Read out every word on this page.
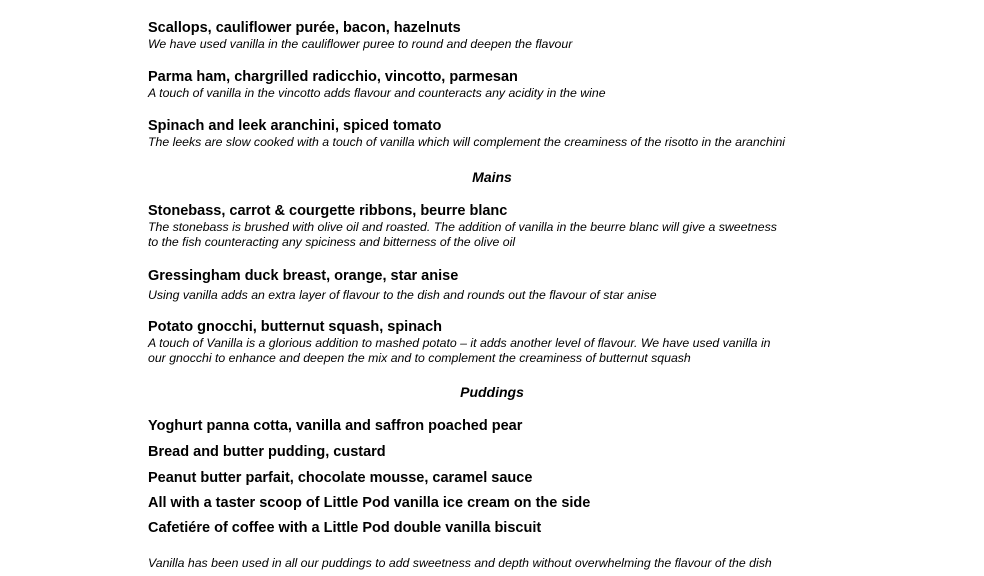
Scallops, cauliflower purée, bacon, hazelnuts
We have used vanilla in the cauliflower puree to round and deepen the flavour
Parma ham, chargrilled radicchio, vincotto, parmesan
A touch of vanilla in the vincotto adds flavour and counteracts any acidity in the wine
Spinach and leek aranchini, spiced tomato
The leeks are slow cooked with a touch of vanilla which will complement the creaminess of the risotto in the aranchini
Mains
Stonebass, carrot & courgette ribbons, beurre blanc
The stonebass is brushed with olive oil and roasted. The addition of vanilla in the beurre blanc will give a sweetness
to the fish counteracting any spiciness and bitterness of the olive oil
Gressingham duck breast, orange, star anise
Using vanilla adds an extra layer of flavour to the dish and rounds out the flavour of star anise
Potato gnocchi, butternut squash, spinach
A touch of Vanilla is a glorious addition to mashed potato – it adds another level of flavour. We have used vanilla in
our gnocchi to enhance and deepen the mix and to complement the creaminess of butternut squash
Puddings
Yoghurt panna cotta, vanilla and saffron poached pear
Bread and butter pudding, custard
Peanut butter parfait, chocolate mousse, caramel sauce
All with a taster scoop of Little Pod vanilla ice cream on the side
Cafetiére of coffee with a Little Pod double vanilla biscuit
Vanilla has been used in all our puddings to add sweetness and depth without overwhelming the flavour of the dish
